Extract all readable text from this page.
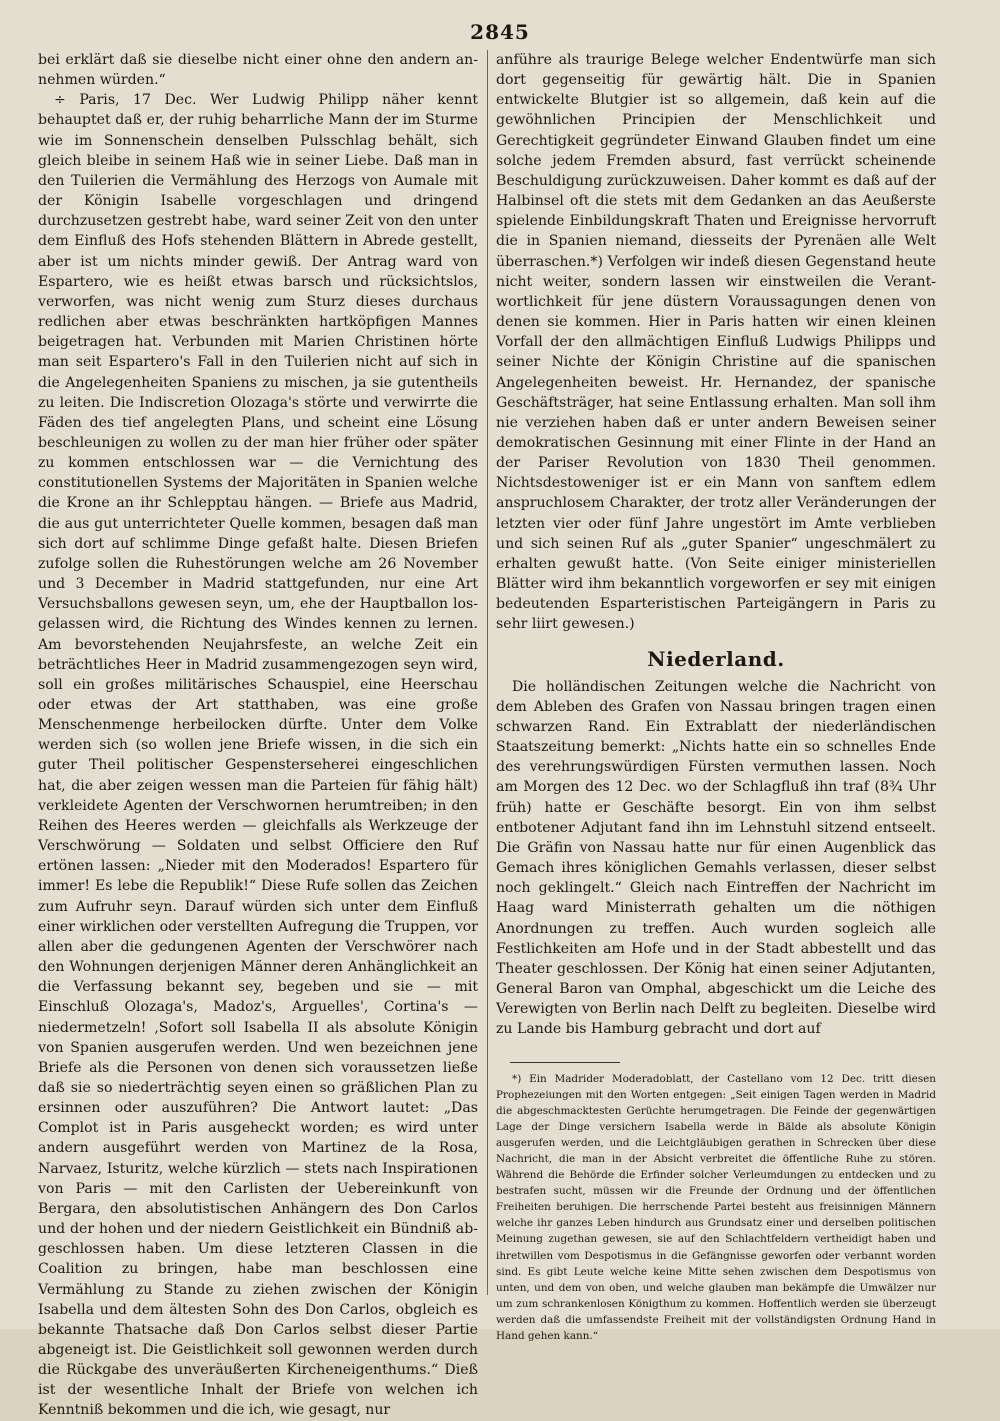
2845

bei erklärt daß sie dieselbe nicht einer ohne den andern annehmen würden.“

÷ Paris, 17 Dec. Wer Ludwig Philipp näher kennt behauptet daß er, der ruhig beharrliche Mann der im Sturme wie im Sonnenschein denselben Pulsschlag behält, sich gleich bleibe in seinem Haß wie in seiner Liebe. Daß man in den Tuilerien die Vermählung des Herzogs von Aumale mit der Königin Isabelle vorgeschlagen und dringend durchzusetzen gestrebt habe, ward seiner Zeit von den unter dem Einfluß des Hofs stehenden Blättern in Abrede gestellt, aber ist um nichts minder gewiß. Der Antrag ward von Espartero, wie es heißt etwas barsch und rücksichtslos, verworfen, was nicht wenig zum Sturz dieses durchaus redlichen aber etwas beschränkten hartköpfigen Mannes beigetragen hat. Verbunden mit Marien Christinen hörte man seit Espartero's Fall in den Tuilerien nicht auf sich in die Angelegenheiten Spaniens zu mischen, ja sie gutentheils zu leiten. Die Indiscretion Olozaga's störte und verwirrte die Fäden des tief angelegten Plans, und scheint eine Lösung beschleunigen zu wollen zu der man hier früher oder später zu kommen entschlossen war — die Vernichtung des constitutionellen Systems der Majoritäten in Spanien welche die Krone an ihr Schlepptau hängen. — Briefe aus Madrid, die aus gut unterrichteter Quelle kommen, besagen daß man sich dort auf schlimme Dinge gefaßt halte. Diesen Briefen zufolge sollen die Ruhestörungen welche am 26 November und 3 December in Madrid stattgefunden, nur eine Art Versuchsballons gewesen seyn, um, ehe der Hauptballon losgelassen wird, die Richtung des Windes kennen zu lernen. Am bevorstehenden Neujahrsfeste, an welche Zeit ein beträchtliches Heer in Madrid zusammengezogen seyn wird, soll ein großes militärisches Schauspiel, eine Heerschau oder etwas der Art statthaben, was eine große Menschenmenge herbeilocken dürfte. Unter dem Volke werden sich (so wollen jene Briefe wissen, in die sich ein guter Theil politischer Gespensterseherei eingeschlichen hat, die aber zeigen wessen man die Parteien für fähig hält) verkleidete Agenten der Verschwornen herumtreiben; in den Reihen des Heeres werden — gleichfalls als Werkzeuge der Verschwörung — Soldaten und selbst Officiere den Ruf ertönen lassen: „Nieder mit den Moderados! Espartero für immer! Es lebe die Republik!“ Diese Rufe sollen das Zeichen zum Aufruhr seyn. Darauf würden sich unter dem Einfluß einer wirklichen oder verstellten Aufregung die Truppen, vor allen aber die gedungenen Agenten der Verschwörer nach den Wohnungen derjenigen Männer deren Anhänglichkeit an die Verfassung bekannt sey, begeben und sie — mit Einschluß Olozaga's, Madoz's, Arguelles', Cortina's — niedermetzeln! ‚Sofort soll Isabella II als absolute Königin von Spanien ausgerufen werden. Und wen bezeichnen jene Briefe als die Personen von denen sich voraussetzen ließe daß sie so niederträchtig seyen einen so gräßlichen Plan zu ersinnen oder auszuführen? Die Antwort lautet: „Das Complot ist in Paris ausgeheckt worden; es wird unter andern ausgeführt werden von Martinez de la Rosa, Narvaez, Isturitz, welche kürzlich — stets nach Inspirationen von Paris — mit den Carlisten der Uebereinkunft von Bergara, den absolutistischen Anhängern des Don Carlos und der hohen und der niedern Geistlichkeit ein Bündniß abgeschlossen haben. Um diese letzteren Classen in die Coalition zu bringen, habe man beschlossen eine Vermählung zu Stande zu ziehen zwischen der Königin Isabella und dem ältesten Sohn des Don Carlos, obgleich es bekannte Thatsache daß Don Carlos selbst dieser Partie abgeneigt ist. Die Geistlichkeit soll gewonnen werden durch die Rückgabe des unveräußerten Kircheneigenthums.“ Dieß ist der wesentliche Inhalt der Briefe von welchen ich Kenntniß bekommen und die ich, wie gesagt, nur

anführe als traurige Belege welcher Endentwürfe man sich dort gegenseitig für gewärtig hält. Die in Spanien entwickelte Blutgier ist so allgemein, daß kein auf die gewöhnlichen Principien der Menschlichkeit und Gerechtigkeit gegründeter Einwand Glauben findet um eine solche jedem Fremden absurd, fast verrückt scheinende Beschuldigung zurückzuweisen. Daher kommt es daß auf der Halbinsel oft die stets mit dem Gedanken an das Aeußerste spielende Einbildungskraft Thaten und Ereignisse hervorruft die in Spanien niemand, diesseits der Pyrenäen alle Welt überraschen.*) Verfolgen wir indeß diesen Gegenstand heute nicht weiter, sondern lassen wir einstweilen die Verantwortlichkeit für jene düstern Voraussagungen denen von denen sie kommen. Hier in Paris hatten wir einen kleinen Vorfall der den allmächtigen Einfluß Ludwigs Philipps und seiner Nichte der Königin Christine auf die spanischen Angelegenheiten beweist. Hr. Hernandez, der spanische Geschäftsträger, hat seine Entlassung erhalten. Man soll ihm nie verziehen haben daß er unter andern Beweisen seiner demokratischen Gesinnung mit einer Flinte in der Hand an der Pariser Revolution von 1830 Theil genommen. Nichtsdestoweniger ist er ein Mann von sanftem edlem anspruchlosem Charakter, der trotz aller Veränderungen der letzten vier oder fünf Jahre ungestört im Amte verblieben und sich seinen Ruf als „guter Spanier“ ungeschmälert zu erhalten gewußt hatte. (Von Seite einiger ministeriellen Blätter wird ihm bekanntlich vorgeworfen er sey mit einigen bedeutenden Esparteristischen Parteigängern in Paris zu sehr liirt gewesen.)

Niederland.

Die holländischen Zeitungen welche die Nachricht von dem Ableben des Grafen von Nassau bringen tragen einen schwarzen Rand. Ein Extrablatt der niederländischen Staatszeitung bemerkt: „Nichts hatte ein so schnelles Ende des verehrungswürdigen Fürsten vermuthen lassen. Noch am Morgen des 12 Dec. wo der Schlagfluß ihn traf (8¾ Uhr früh) hatte er Geschäfte besorgt. Ein von ihm selbst entbotener Adjutant fand ihn im Lehnstuhl sitzend entseelt. Die Gräfin von Nassau hatte nur für einen Augenblick das Gemach ihres königlichen Gemahls verlassen, dieser selbst noch geklingelt.“ Gleich nach Eintreffen der Nachricht im Haag ward Ministerrath gehalten um die nöthigen Anordnungen zu treffen. Auch wurden sogleich alle Festlichkeiten am Hofe und in der Stadt abbestellt und das Theater geschlossen. Der König hat einen seiner Adjutanten, General Baron van Omphal, abgeschickt um die Leiche des Verewigten von Berlin nach Delft zu begleiten. Dieselbe wird zu Lande bis Hamburg gebracht und dort auf

*) Ein Madrider Moderadoblatt, der Castellano vom 12 Dec. tritt diesen Prophezeiungen mit den Worten entgegen: „Seit einigen Tagen werden in Madrid die abgeschmacktesten Gerüchte herumgetragen. Die Feinde der gegenwärtigen Lage der Dinge versichern Isabella werde in Bälde als absolute Königin ausgerufen werden, und die Leichtgläubigen gerathen in Schrecken über diese Nachricht, die man in der Absicht verbreitet die öffentliche Ruhe zu stören. Während die Behörde die Erfinder solcher Verleumdungen zu entdecken und zu bestrafen sucht, müssen wir die Freunde der Ordnung und der öffentlichen Freiheiten beruhigen. Die herrschende Partei besteht aus freisinnigen Männern welche ihr ganzes Leben hindurch aus Grundsatz einer und derselben politischen Meinung zugethan gewesen, sie auf den Schlachtfeldern vertheidigt haben und ihretwillen vom Despotismus in die Gefängnisse geworfen oder verbannt worden sind. Es gibt Leute welche keine Mitte sehen zwischen dem Despotismus von unten, und dem von oben, und welche glauben man bekämpfe die Umwälzer nur um zum schrankenlosen Königthum zu kommen. Hoffentlich werden sie überzeugt werden daß die umfassendste Freiheit mit der vollständigsten Ordnung Hand in Hand gehen kann.“
